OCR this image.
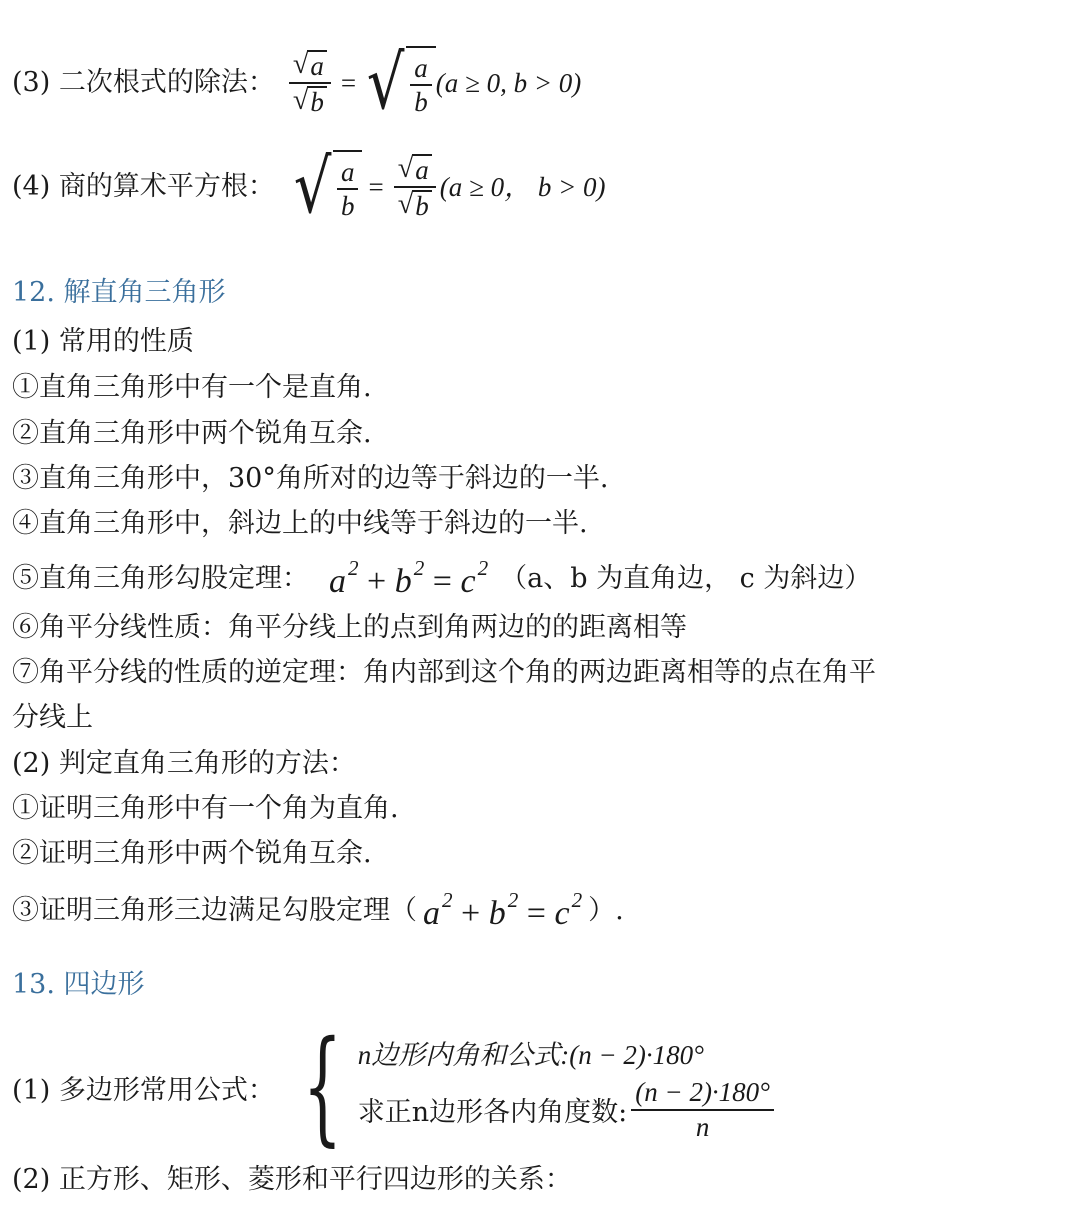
(3) 二次根式的除法： $\frac{√ a}{√ b}$ = √ $\frac{a}{b} (a \ge 0$, b > 0)
(4) 商的算术平方根： √ $\frac{a}{b} = \frac{√ a}{√ b} (a \ge 0$， b > 0)
12. 解直角三角形
(1) 常用的性质
①直角三角形中有一个是直角.
②直角三角形中两个锐角互余.
③直角三角形中，30°角所对的边等于斜边的一半.
④直角三角形中，斜边上的中线等于斜边的一半.
⑤直角三角形勾股定理： $a^2 + b^2 = c^2$ （a、b 为直角边， c 为斜边）
⑥角平分线性质：角平分线上的点到角两边的的距离相等
⑦角平分线的性质的逆定理：角内部到这个角的两边距离相等的点在角平
分线上
(2) 判定直角三角形的方法：
①证明三角形中有一个角为直角.
②证明三角形中两个锐角互余.
③证明三角形三边满足勾股定理（ $a^2 + b^2 = c^2$ ）.
13. 四边形
(1) 多边形常用公式： { n边形内角和公式:(n − 2)·180°
求正n边形各内角度数: $\frac{(n - 2)\cdot 180^\circ}{n}$
(2) 正方形、矩形、菱形和平行四边形的关系：
